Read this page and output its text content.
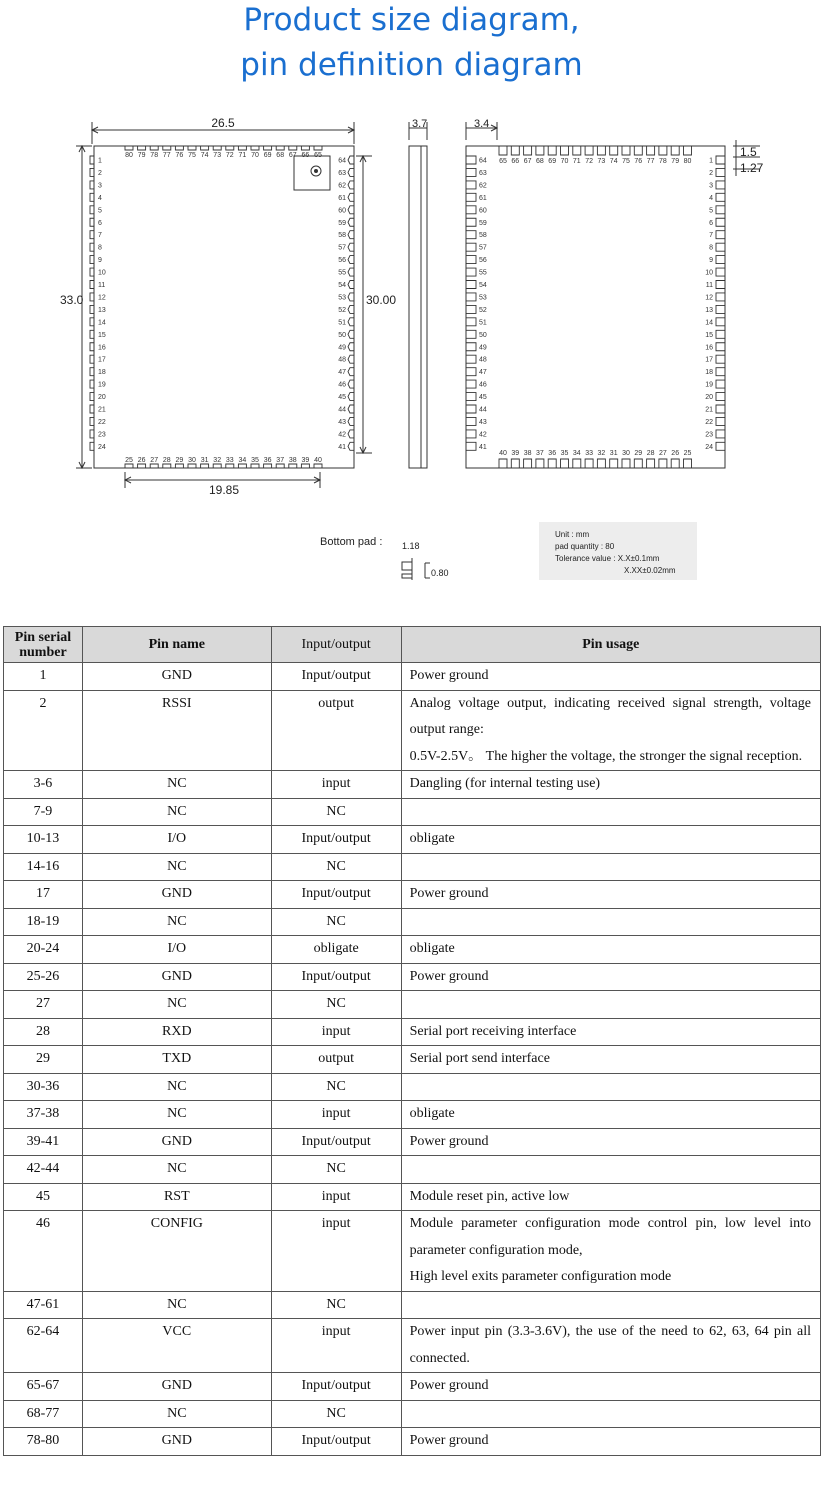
Product size diagram,
pin definition diagram
1
2
3
4
5
6
7
8
9
10
11
12
13
14
15
16
17
18
19
20
21
22
23
24
64
63
62
61
60
59
58
57
56
55
54
53
52
51
50
49
48
47
46
45
44
43
42
41
80 79 78 77 76 75 74 73 72 71 70 69 68 67 66 65
25 26 27 28 29 30 31 32 33 34 35 36 37 38 39 40
64
63
62
61
60
59
58
57
56
55
54
53
52
51
50
49
48
47
46
45
44
43
42
41
1
2
3
4
5
6
7
8
9
10
11
12
13
14
15
16
17
18
19
20
21
22
23
24
65 66 67 68 69 70 71 72 73 74 75 76 77 78 79 80
40 39 38 37 36 35 34 33 32 31 30 29 28 27 26 25
26.5
33.0	30.00
19.85
3.7	3.4
1.5
1.27
Bottom pad : 1.18
0.80
Unit : mm
pad quantity : 80
Tolerance value : X.X±0.1mm
X.XX±0.02mm
Pin serial number	Pin name	Input/output	Pin usage
1	GND	Input/output	Power ground

2	RSSI	output	Analog voltage output, indicating received signal strength, voltage output range:
0.5V-2.5V。 The higher the voltage, the stronger the signal reception.

3-6	NC	input	Dangling (for internal testing use)

7-9	NC	NC	

10-13	I/O	Input/output	obligate

14-16	NC	NC	

17	GND	Input/output	Power ground

18-19	NC	NC	

20-24	I/O	obligate	obligate

25-26	GND	Input/output	Power ground

27	NC	NC	

28	RXD	input	Serial port receiving interface

29	TXD	output	Serial port send interface

30-36	NC	NC	

37-38	NC	input	obligate

39-41	GND	Input/output	Power ground

42-44	NC	NC	

45	RST	input	Module reset pin, active low

46	CONFIG	input	Module parameter configuration mode control pin, low level into parameter configuration mode,
High level exits parameter configuration mode

47-61	NC	NC	

62-64	VCC	input	Power input pin (3.3-3.6V), the use of the need to 62, 63, 64 pin all connected.

65-67	GND	Input/output	Power ground

68-77	NC	NC	

78-80	GND	Input/output	Power ground
